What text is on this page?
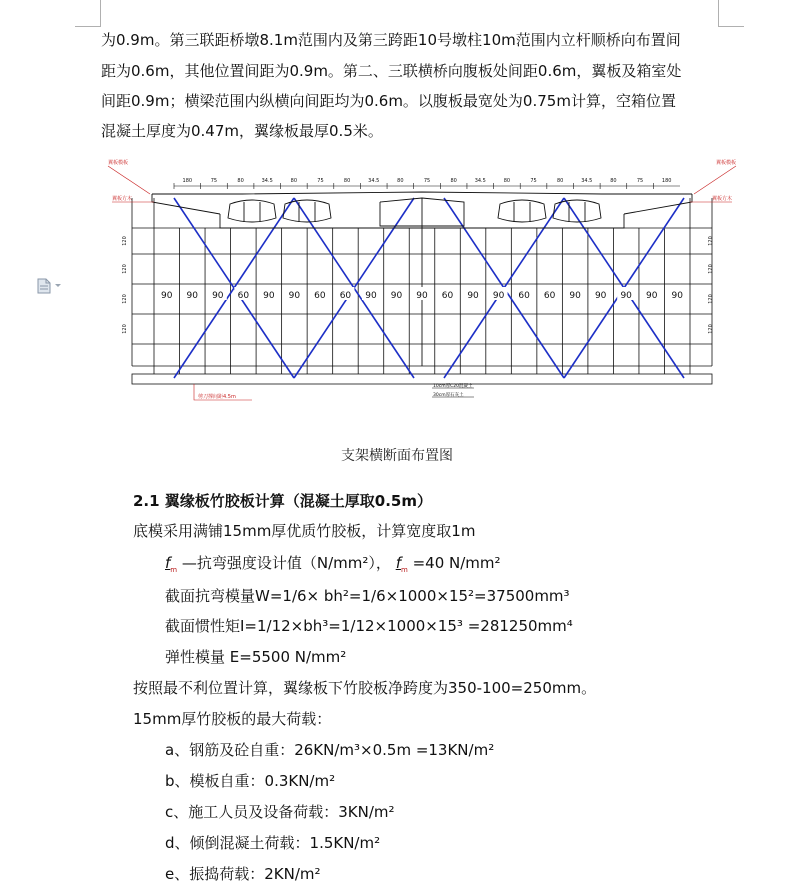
为0.9m。第三联距桥墩8.1m范围内及第三跨距10号墩柱10m范围内立杆顺桥向布置间
距为0.6m，其他位置间距为0.9m。第二、三联横桥向腹板处间距0.6m，翼板及箱室处
间距0.9m；横梁范围内纵横向间距均为0.6m。以腹板最宽处为0.75m计算，空箱位置
混凝土厚度为0.47m，翼缘板最厚0.5米。
180	75	80	34.5	80	75	80	34.5	80	75	80	34.5	80	75	80	34.5	80	75	180
90 90 90 60 90 90 60 60 90 90 90 60 90 90 60 60 90 90 90 90 90
120	120
120	120
120	120
120	120
翼板模板
翼板方木
翼板模板
翼板方木
剪刀撑间距4.5m
10cm厚C20混凝土
30cm厚石灰土
支架横断面布置图
2.1 翼缘板竹胶板计算（混凝土厚取0.5m）
底模采用满铺15mm厚优质竹胶板，计算宽度取1m
$f_m$ —抗弯强度设计值（N/mm²）， $f_m =40$ N/mm²
截面抗弯模量W=1/6× bh²=1/6×1000×15²=37500mm³
截面惯性矩I=1/12×bh³=1/12×1000×15³ =281250mm⁴
弹性模量 E=5500 N/mm²
按照最不利位置计算，翼缘板下竹胶板净跨度为350-100=250mm。
15mm厚竹胶板的最大荷载：
a、钢筋及砼自重：26KN/m³×0.5m =13KN/m²
b、模板自重：0.3KN/m²
c、施工人员及设备荷载：3KN/m²
d、倾倒混凝土荷载：1.5KN/m²
e、振捣荷载：2KN/m²
